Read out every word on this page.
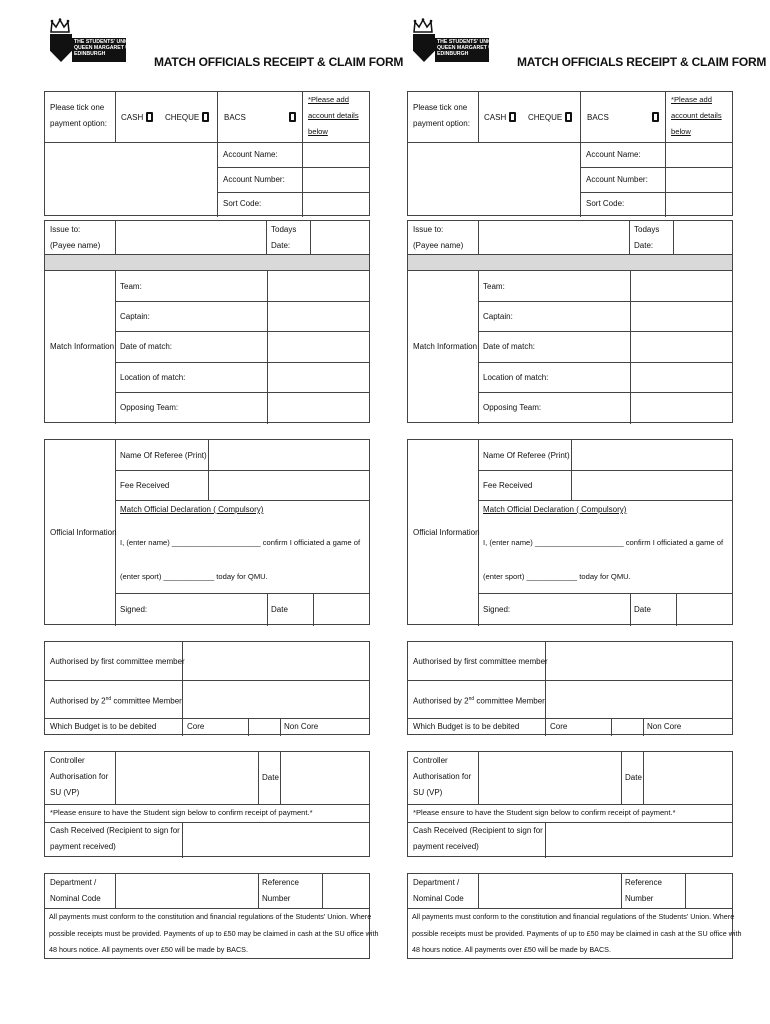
THE STUDENTS' UNION
QUEEN MARGARET UNIVERSITY
EDINBURGH
MATCH OFFICIALS RECEIPT & CLAIM FORM
Please tick one
payment option:
CASH	CHEQUE	BACS
*Please add
account details
below
Account Name:
Account Number:
Sort Code:
Issue to:
(Payee name)
Todays
Date:
Match Information
Team:
Captain:
Date of match:
Location of match:
Opposing Team:
Official Information
Name Of Referee (Print)
Fee Received
Match Official Declaration ( Compulsory)
I, (enter name) _____________________ confirm I officiated a game of
(enter sport) ____________ today for QMU.
Signed:	Date
Authorised by first committee member
Authorised by 2nd committee Member
Which Budget is to be debited	Core	Non Core
Controller
Authorisation for
SU (VP)
Date
*Please ensure to have the Student sign below to confirm receipt of payment.*
Cash Received (Recipient to sign for
payment received)
Department /
Nominal Code
Reference
Number
All payments must conform to the constitution and financial regulations of the Students' Union. Where
possible receipts must be provided. Payments of up to £50 may be claimed in cash at the SU office with
48 hours notice. All payments over £50 will be made by BACS.
THE STUDENTS' UNION
QUEEN MARGARET UNIVERSITY
EDINBURGH
MATCH OFFICIALS RECEIPT & CLAIM FORM
Please tick one
payment option:
CASH	CHEQUE	BACS
*Please add
account details
below
Account Name:
Account Number:
Sort Code:
Issue to:
(Payee name)
Todays
Date:
Match Information
Team:
Captain:
Date of match:
Location of match:
Opposing Team:
Official Information
Name Of Referee (Print)
Fee Received
Match Official Declaration ( Compulsory)
I, (enter name) _____________________ confirm I officiated a game of
(enter sport) ____________ today for QMU.
Signed:	Date
Authorised by first committee member
Authorised by 2nd committee Member
Which Budget is to be debited	Core	Non Core
Controller
Authorisation for
SU (VP)
Date
*Please ensure to have the Student sign below to confirm receipt of payment.*
Cash Received (Recipient to sign for
payment received)
Department /
Nominal Code
Reference
Number
All payments must conform to the constitution and financial regulations of the Students' Union. Where
possible receipts must be provided. Payments of up to £50 may be claimed in cash at the SU office with
48 hours notice. All payments over £50 will be made by BACS.
